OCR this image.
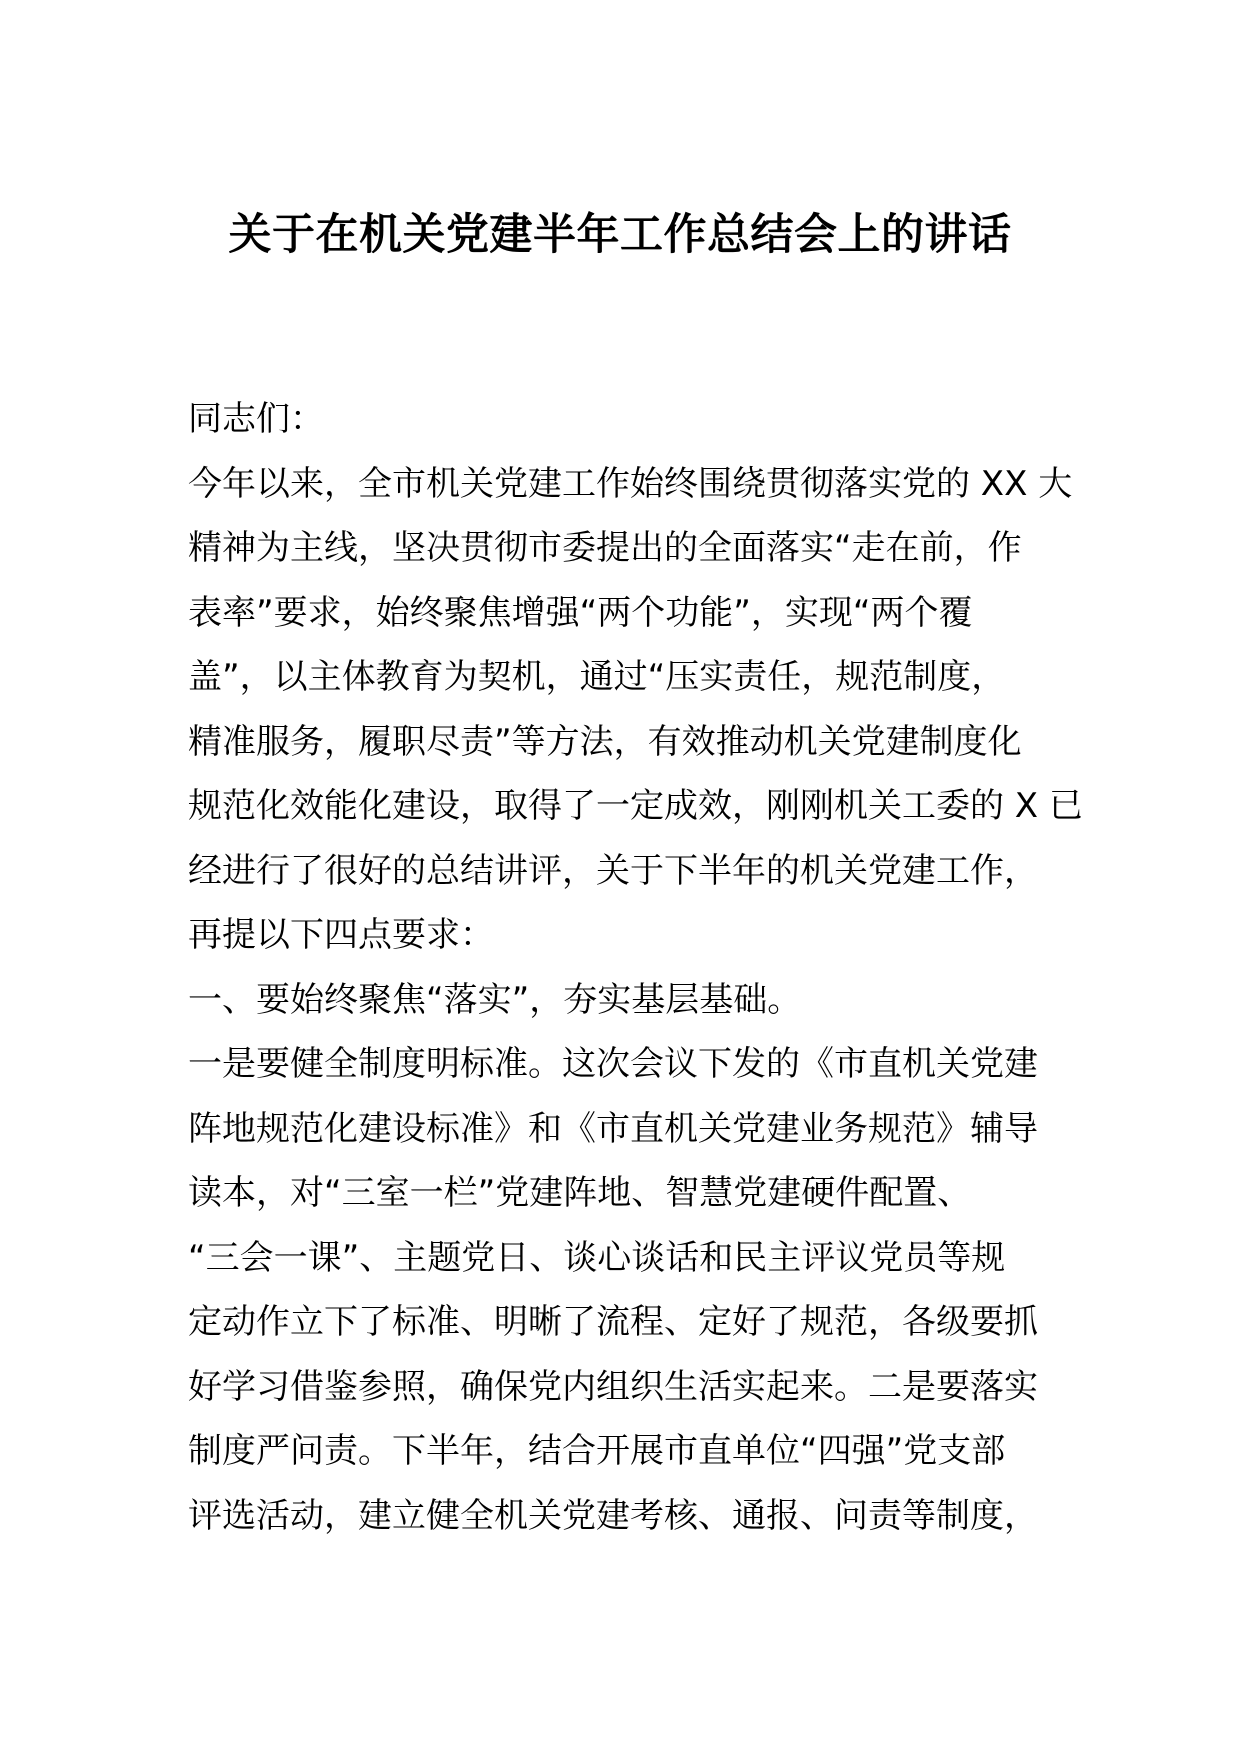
关于在机关党建半年工作总结会上的讲话
同志们：
今年以来，全市机关党建工作始终围绕贯彻落实党的 XX 大
精神为主线，坚决贯彻市委提出的全面落实“走在前，作
表率”要求，始终聚焦增强“两个功能”，实现“两个覆
盖”，以主体教育为契机，通过“压实责任，规范制度，
精准服务，履职尽责”等方法，有效推动机关党建制度化
规范化效能化建设，取得了一定成效，刚刚机关工委的 X 已
经进行了很好的总结讲评，关于下半年的机关党建工作，
再提以下四点要求：
一、要始终聚焦“落实”，夯实基层基础。
一是要健全制度明标准。这次会议下发的《市直机关党建
阵地规范化建设标准》和《市直机关党建业务规范》辅导
读本，对“三室一栏”党建阵地、智慧党建硬件配置、
“三会一课”、主题党日、谈心谈话和民主评议党员等规
定动作立下了标准、明晰了流程、定好了规范，各级要抓
好学习借鉴参照，确保党内组织生活实起来。二是要落实
制度严问责。下半年，结合开展市直单位“四强”党支部
评选活动，建立健全机关党建考核、通报、问责等制度，
